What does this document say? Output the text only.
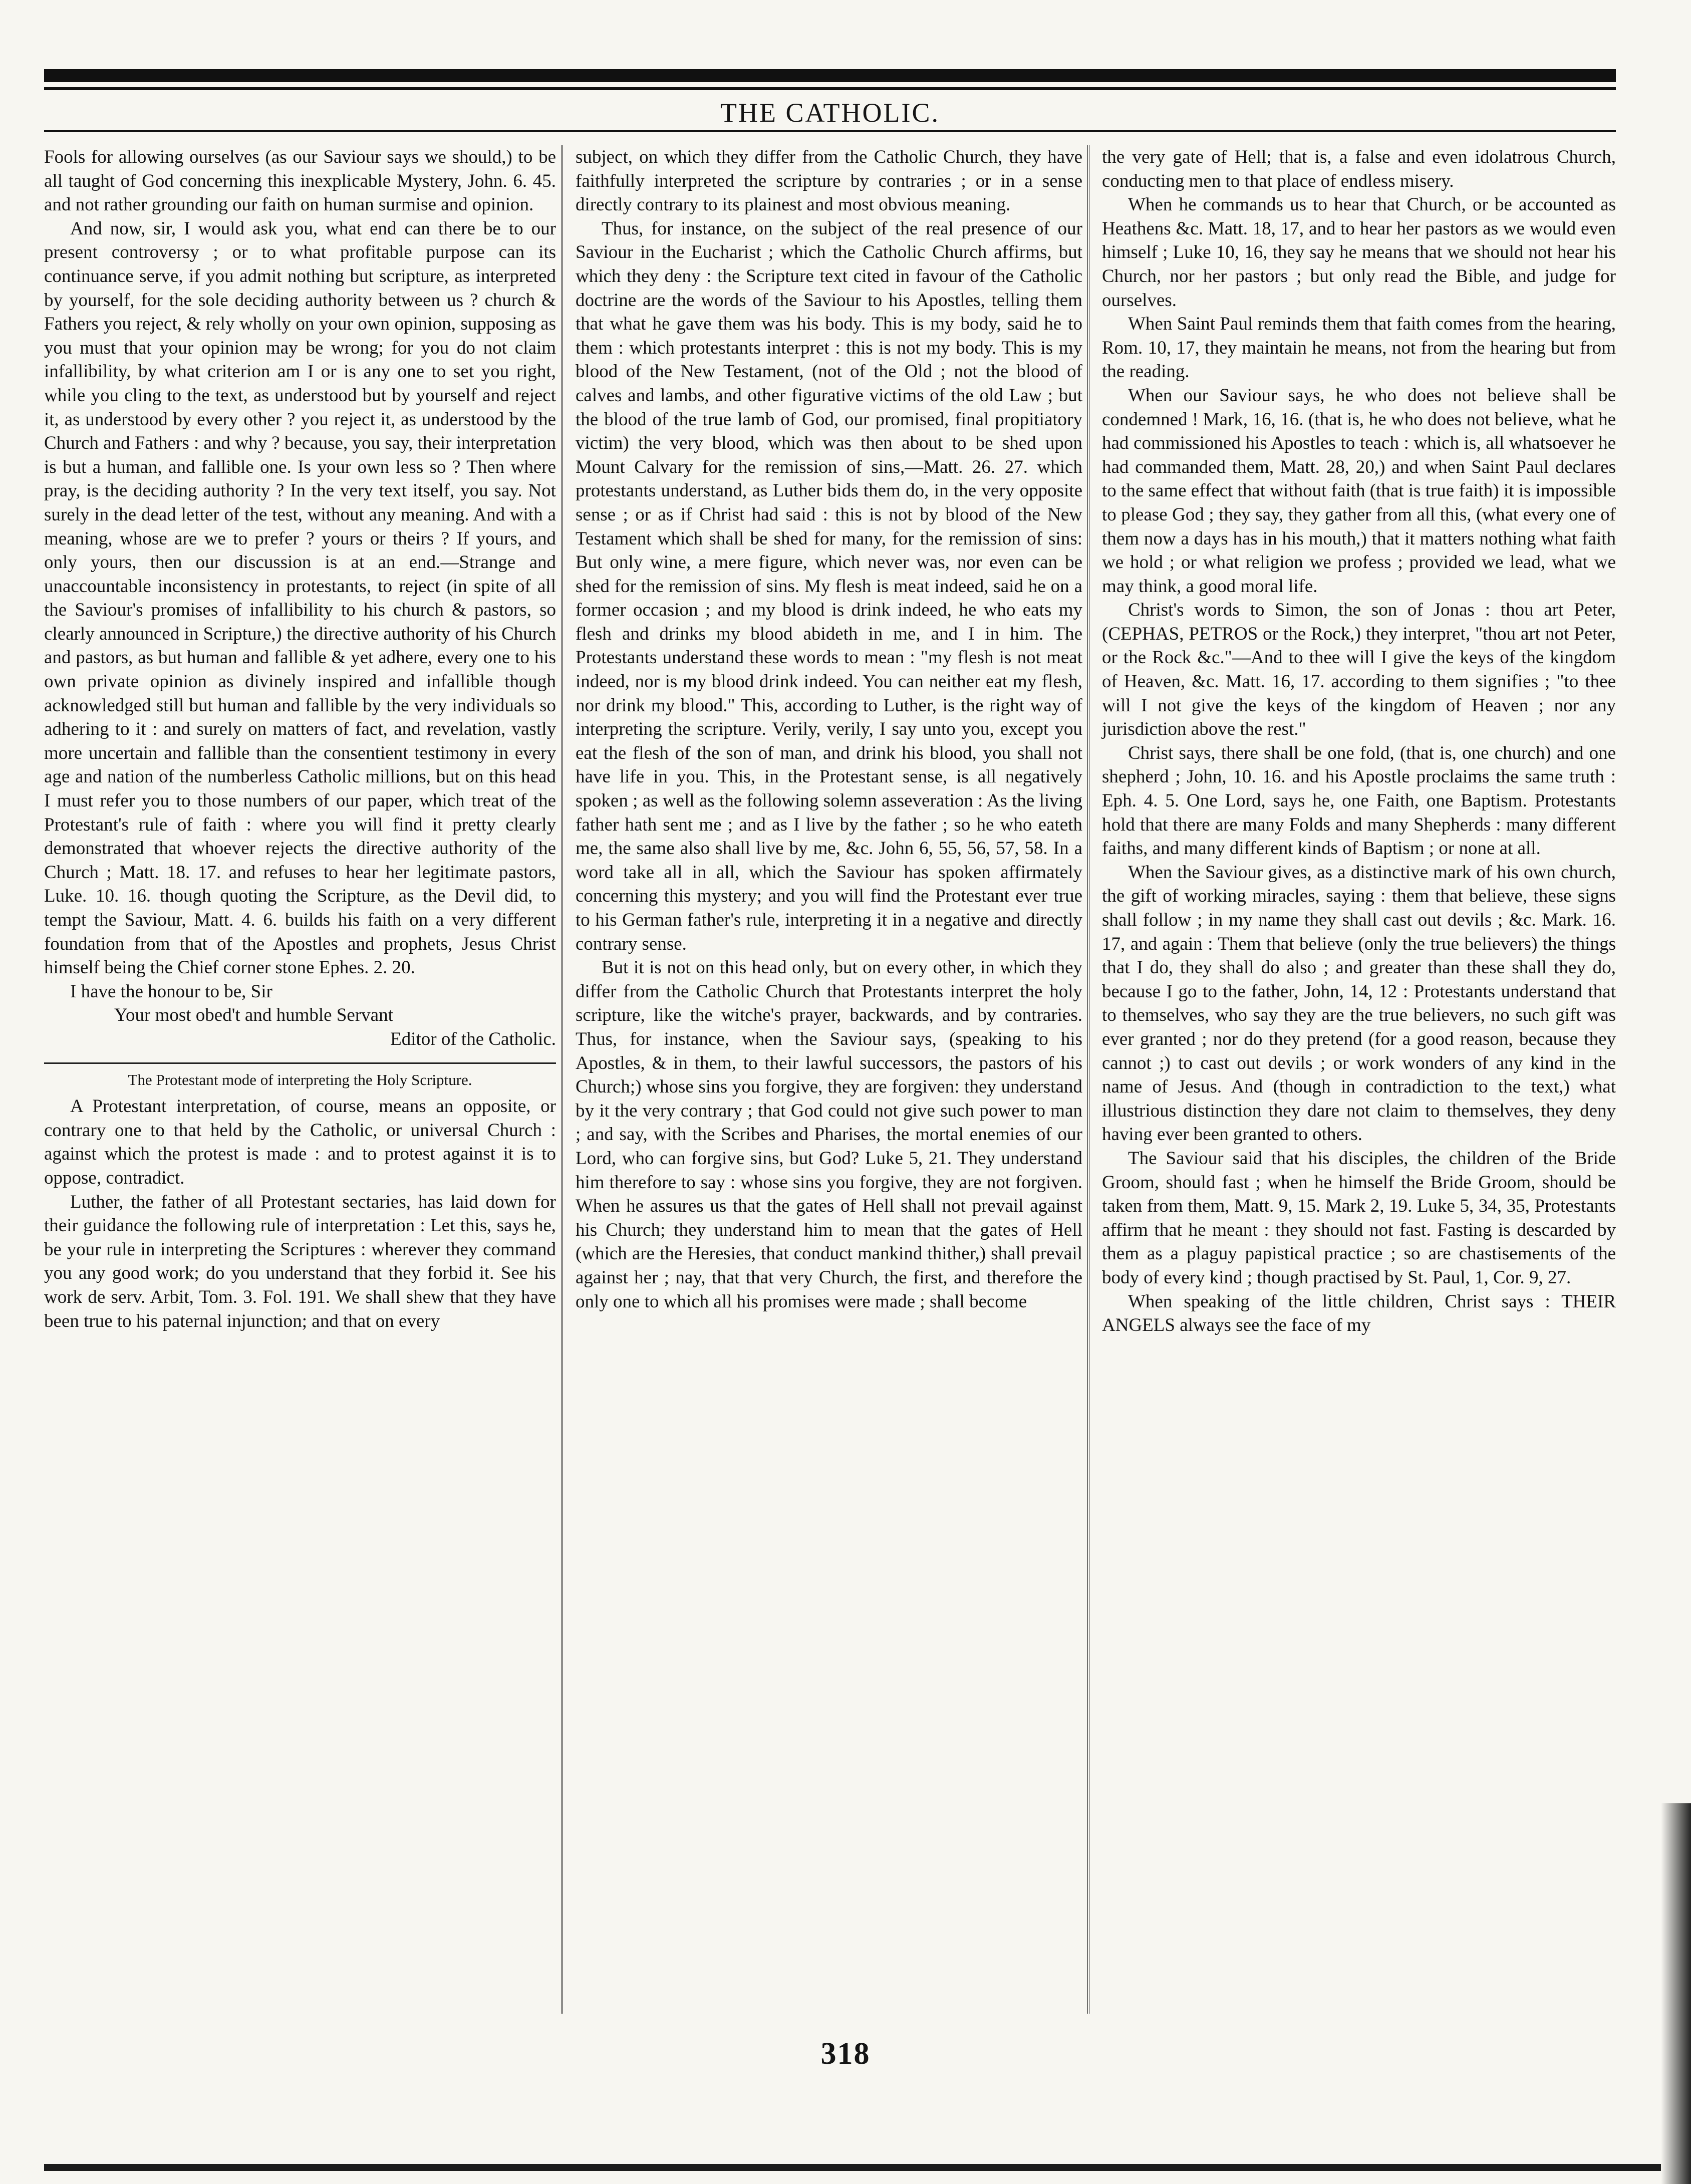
THE CATHOLIC.

Fools for allowing ourselves (as our Saviour says we should,) to be all taught of God concerning this inexplicable Mystery, John. 6. 45. and not rather grounding our faith on human surmise and opinion.

And now, sir, I would ask you, what end can there be to our present controversy ; or to what profitable purpose can its continuance serve, if you admit nothing but scripture, as interpreted by yourself, for the sole deciding authority between us ? church & Fathers you reject, & rely wholly on your own opinion, supposing as you must that your opinion may be wrong; for you do not claim infallibility, by what criterion am I or is any one to set you right, while you cling to the text, as understood but by yourself and reject it, as understood by every other ? you reject it, as understood by the Church and Fathers : and why ? because, you say, their interpretation is but a human, and fallible one. Is your own less so ? Then where pray, is the deciding authority ? In the very text itself, you say. Not surely in the dead letter of the test, without any meaning. And with a meaning, whose are we to prefer ? yours or theirs ? If yours, and only yours, then our discussion is at an end.—Strange and unaccountable inconsistency in protestants, to reject (in spite of all the Saviour's promises of infallibility to his church & pastors, so clearly announced in Scripture,) the directive authority of his Church and pastors, as but human and fallible & yet adhere, every one to his own private opinion as divinely inspired and infallible though acknowledged still but human and fallible by the very individuals so adhering to it : and surely on matters of fact, and revelation, vastly more uncertain and fallible than the consentient testimony in every age and nation of the numberless Catholic millions, but on this head I must refer you to those numbers of our paper, which treat of the Protestant's rule of faith : where you will find it pretty clearly demonstrated that whoever rejects the directive authority of the Church ; Matt. 18. 17. and refuses to hear her legitimate pastors, Luke. 10. 16. though quoting the Scripture, as the Devil did, to tempt the Saviour, Matt. 4. 6. builds his faith on a very different foundation from that of the Apostles and prophets, Jesus Christ himself being the Chief corner stone Ephes. 2. 20.

I have the honour to be, Sir

Your most obed't and humble Servant

Editor of the Catholic.

The Protestant mode of interpreting the Holy Scripture.

A Protestant interpretation, of course, means an opposite, or contrary one to that held by the Catholic, or universal Church : against which the protest is made : and to protest against it is to oppose, contradict.

Luther, the father of all Protestant sectaries, has laid down for their guidance the following rule of interpretation : Let this, says he, be your rule in interpreting the Scriptures : wherever they command you any good work; do you understand that they forbid it. See his work de serv. Arbit, Tom. 3. Fol. 191. We shall shew that they have been true to his paternal injunction; and that on every

subject, on which they differ from the Catholic Church, they have faithfully interpreted the scripture by contraries ; or in a sense directly contrary to its plainest and most obvious meaning.

Thus, for instance, on the subject of the real presence of our Saviour in the Eucharist ; which the Catholic Church affirms, but which they deny : the Scripture text cited in favour of the Catholic doctrine are the words of the Saviour to his Apostles, telling them that what he gave them was his body. This is my body, said he to them : which protestants interpret : this is not my body. This is my blood of the New Testament, (not of the Old ; not the blood of calves and lambs, and other figurative victims of the old Law ; but the blood of the true lamb of God, our promised, final propitiatory victim) the very blood, which was then about to be shed upon Mount Calvary for the remission of sins,—Matt. 26. 27. which protestants understand, as Luther bids them do, in the very opposite sense ; or as if Christ had said : this is not by blood of the New Testament which shall be shed for many, for the remission of sins: But only wine, a mere figure, which never was, nor even can be shed for the remission of sins. My flesh is meat indeed, said he on a former occasion ; and my blood is drink indeed, he who eats my flesh and drinks my blood abideth in me, and I in him. The Protestants understand these words to mean : "my flesh is not meat indeed, nor is my blood drink indeed. You can neither eat my flesh, nor drink my blood." This, according to Luther, is the right way of interpreting the scripture. Verily, verily, I say unto you, except you eat the flesh of the son of man, and drink his blood, you shall not have life in you. This, in the Protestant sense, is all negatively spoken ; as well as the following solemn asseveration : As the living father hath sent me ; and as I live by the father ; so he who eateth me, the same also shall live by me, &c. John 6, 55, 56, 57, 58. In a word take all in all, which the Saviour has spoken affirmately concerning this mystery; and you will find the Protestant ever true to his German father's rule, interpreting it in a negative and directly contrary sense.

But it is not on this head only, but on every other, in which they differ from the Catholic Church that Protestants interpret the holy scripture, like the witche's prayer, backwards, and by contraries. Thus, for instance, when the Saviour says, (speaking to his Apostles, & in them, to their lawful successors, the pastors of his Church;) whose sins you forgive, they are forgiven: they understand by it the very contrary ; that God could not give such power to man ; and say, with the Scribes and Pharises, the mortal enemies of our Lord, who can forgive sins, but God? Luke 5, 21. They understand him therefore to say : whose sins you forgive, they are not forgiven. When he assures us that the gates of Hell shall not prevail against his Church; they understand him to mean that the gates of Hell (which are the Heresies, that conduct mankind thither,) shall prevail against her ; nay, that that very Church, the first, and therefore the only one to which all his promises were made ; shall become

the very gate of Hell; that is, a false and even idolatrous Church, conducting men to that place of endless misery.

When he commands us to hear that Church, or be accounted as Heathens &c. Matt. 18, 17, and to hear her pastors as we would even himself ; Luke 10, 16, they say he means that we should not hear his Church, nor her pastors ; but only read the Bible, and judge for ourselves.

When Saint Paul reminds them that faith comes from the hearing, Rom. 10, 17, they maintain he means, not from the hearing but from the reading.

When our Saviour says, he who does not believe shall be condemned ! Mark, 16, 16. (that is, he who does not believe, what he had commissioned his Apostles to teach : which is, all whatsoever he had commanded them, Matt. 28, 20,) and when Saint Paul declares to the same effect that without faith (that is true faith) it is impossible to please God ; they say, they gather from all this, (what every one of them now a days has in his mouth,) that it matters nothing what faith we hold ; or what religion we profess ; provided we lead, what we may think, a good moral life.

Christ's words to Simon, the son of Jonas : thou art Peter, (CEPHAS, PETROS or the Rock,) they interpret, "thou art not Peter, or the Rock &c."—And to thee will I give the keys of the kingdom of Heaven, &c. Matt. 16, 17. according to them signifies ; "to thee will I not give the keys of the kingdom of Heaven ; nor any jurisdiction above the rest."

Christ says, there shall be one fold, (that is, one church) and one shepherd ; John, 10. 16. and his Apostle proclaims the same truth : Eph. 4. 5. One Lord, says he, one Faith, one Baptism. Protestants hold that there are many Folds and many Shepherds : many different faiths, and many different kinds of Baptism ; or none at all.

When the Saviour gives, as a distinctive mark of his own church, the gift of working miracles, saying : them that believe, these signs shall follow ; in my name they shall cast out devils ; &c. Mark. 16. 17, and again : Them that believe (only the true believers) the things that I do, they shall do also ; and greater than these shall they do, because I go to the father, John, 14, 12 : Protestants understand that to themselves, who say they are the true believers, no such gift was ever granted ; nor do they pretend (for a good reason, because they cannot ;) to cast out devils ; or work wonders of any kind in the name of Jesus. And (though in contradiction to the text,) what illustrious distinction they dare not claim to themselves, they deny having ever been granted to others.

The Saviour said that his disciples, the children of the Bride Groom, should fast ; when he himself the Bride Groom, should be taken from them, Matt. 9, 15. Mark 2, 19. Luke 5, 34, 35, Protestants affirm that he meant : they should not fast. Fasting is descarded by them as a plaguy papistical practice ; so are chastisements of the body of every kind ; though practised by St. Paul, 1, Cor. 9, 27.

When speaking of the little children, Christ says : THEIR ANGELS always see the face of my

318
